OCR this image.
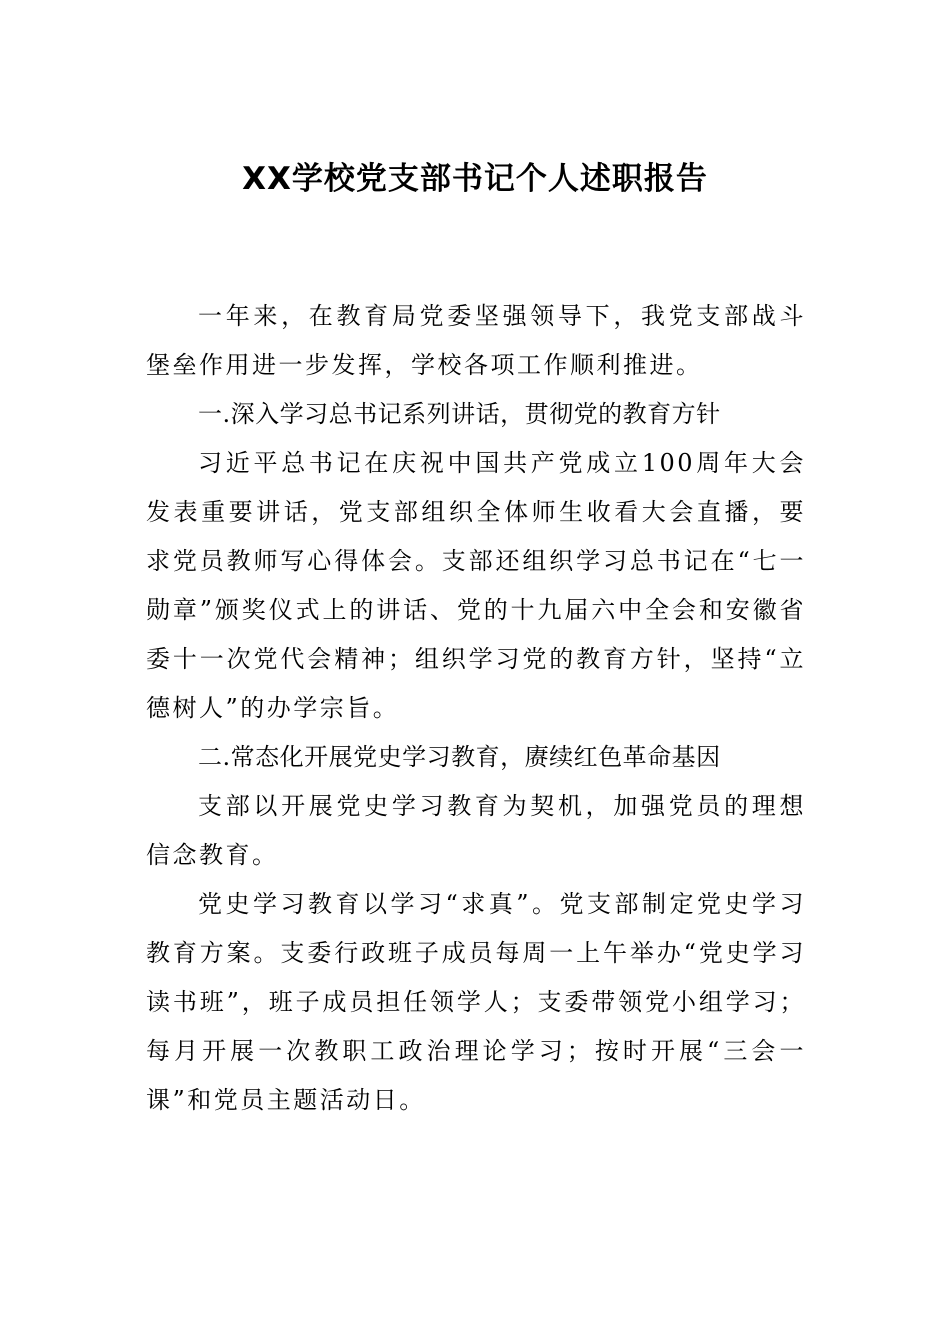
XX学校党支部书记个人述职报告

一年来，在教育局党委坚强领导下，我党支部战斗堡垒作用进一步发挥，学校各项工作顺利推进。

一.深入学习总书记系列讲话，贯彻党的教育方针

习近平总书记在庆祝中国共产党成立100周年大会发表重要讲话，党支部组织全体师生收看大会直播，要求党员教师写心得体会。支部还组织学习总书记在“七一勋章”颁奖仪式上的讲话、党的十九届六中全会和安徽省委十一次党代会精神；组织学习党的教育方针，坚持“立德树人”的办学宗旨。

二.常态化开展党史学习教育，赓续红色革命基因

支部以开展党史学习教育为契机，加强党员的理想信念教育。

党史学习教育以学习“求真”。党支部制定党史学习教育方案。支委行政班子成员每周一上午举办“党史学习读书班”，班子成员担任领学人；支委带领党小组学习；每月开展一次教职工政治理论学习；按时开展“三会一课”和党员主题活动日。
